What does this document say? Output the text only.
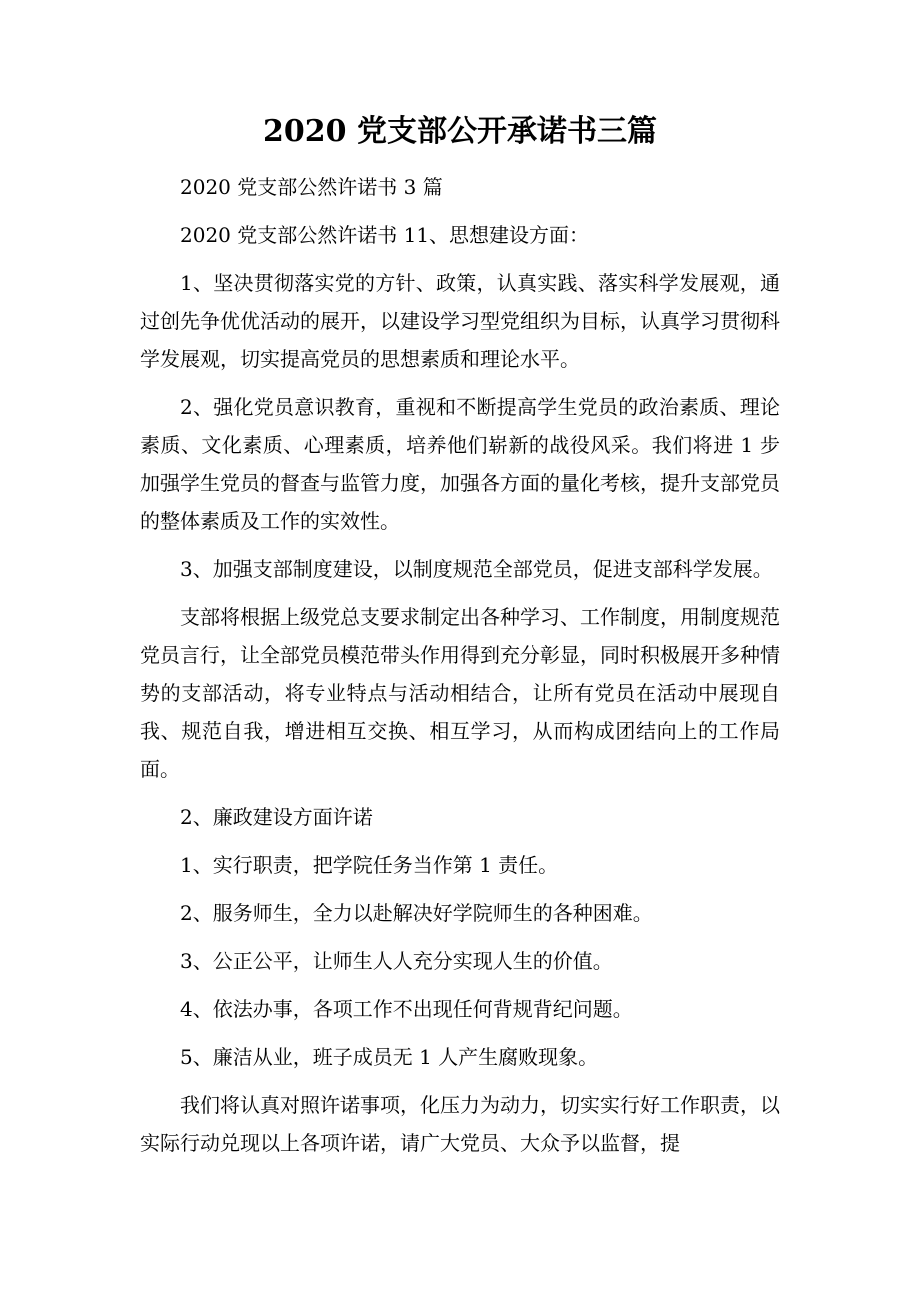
2020 党支部公开承诺书三篇

2020 党支部公然许诺书 3 篇

2020 党支部公然许诺书 11、思想建设方面：

1、坚决贯彻落实党的方针、政策，认真实践、落实科学发展观，通过创先争优优活动的展开，以建设学习型党组织为目标，认真学习贯彻科学发展观，切实提高党员的思想素质和理论水平。

2、强化党员意识教育，重视和不断提高学生党员的政治素质、理论素质、文化素质、心理素质，培养他们崭新的战役风采。我们将进 1 步加强学生党员的督查与监管力度，加强各方面的量化考核，提升支部党员的整体素质及工作的实效性。

3、加强支部制度建设，以制度规范全部党员，促进支部科学发展。

支部将根据上级党总支要求制定出各种学习、工作制度，用制度规范党员言行，让全部党员模范带头作用得到充分彰显，同时积极展开多种情势的支部活动，将专业特点与活动相结合，让所有党员在活动中展现自我、规范自我，增进相互交换、相互学习，从而构成团结向上的工作局面。

2、廉政建设方面许诺

1、实行职责，把学院任务当作第 1 责任。

2、服务师生，全力以赴解决好学院师生的各种困难。

3、公正公平，让师生人人充分实现人生的价值。

4、依法办事，各项工作不出现任何背规背纪问题。

5、廉洁从业，班子成员无 1 人产生腐败现象。

我们将认真对照许诺事项，化压力为动力，切实实行好工作职责，以实际行动兑现以上各项许诺，请广大党员、大众予以监督，提
